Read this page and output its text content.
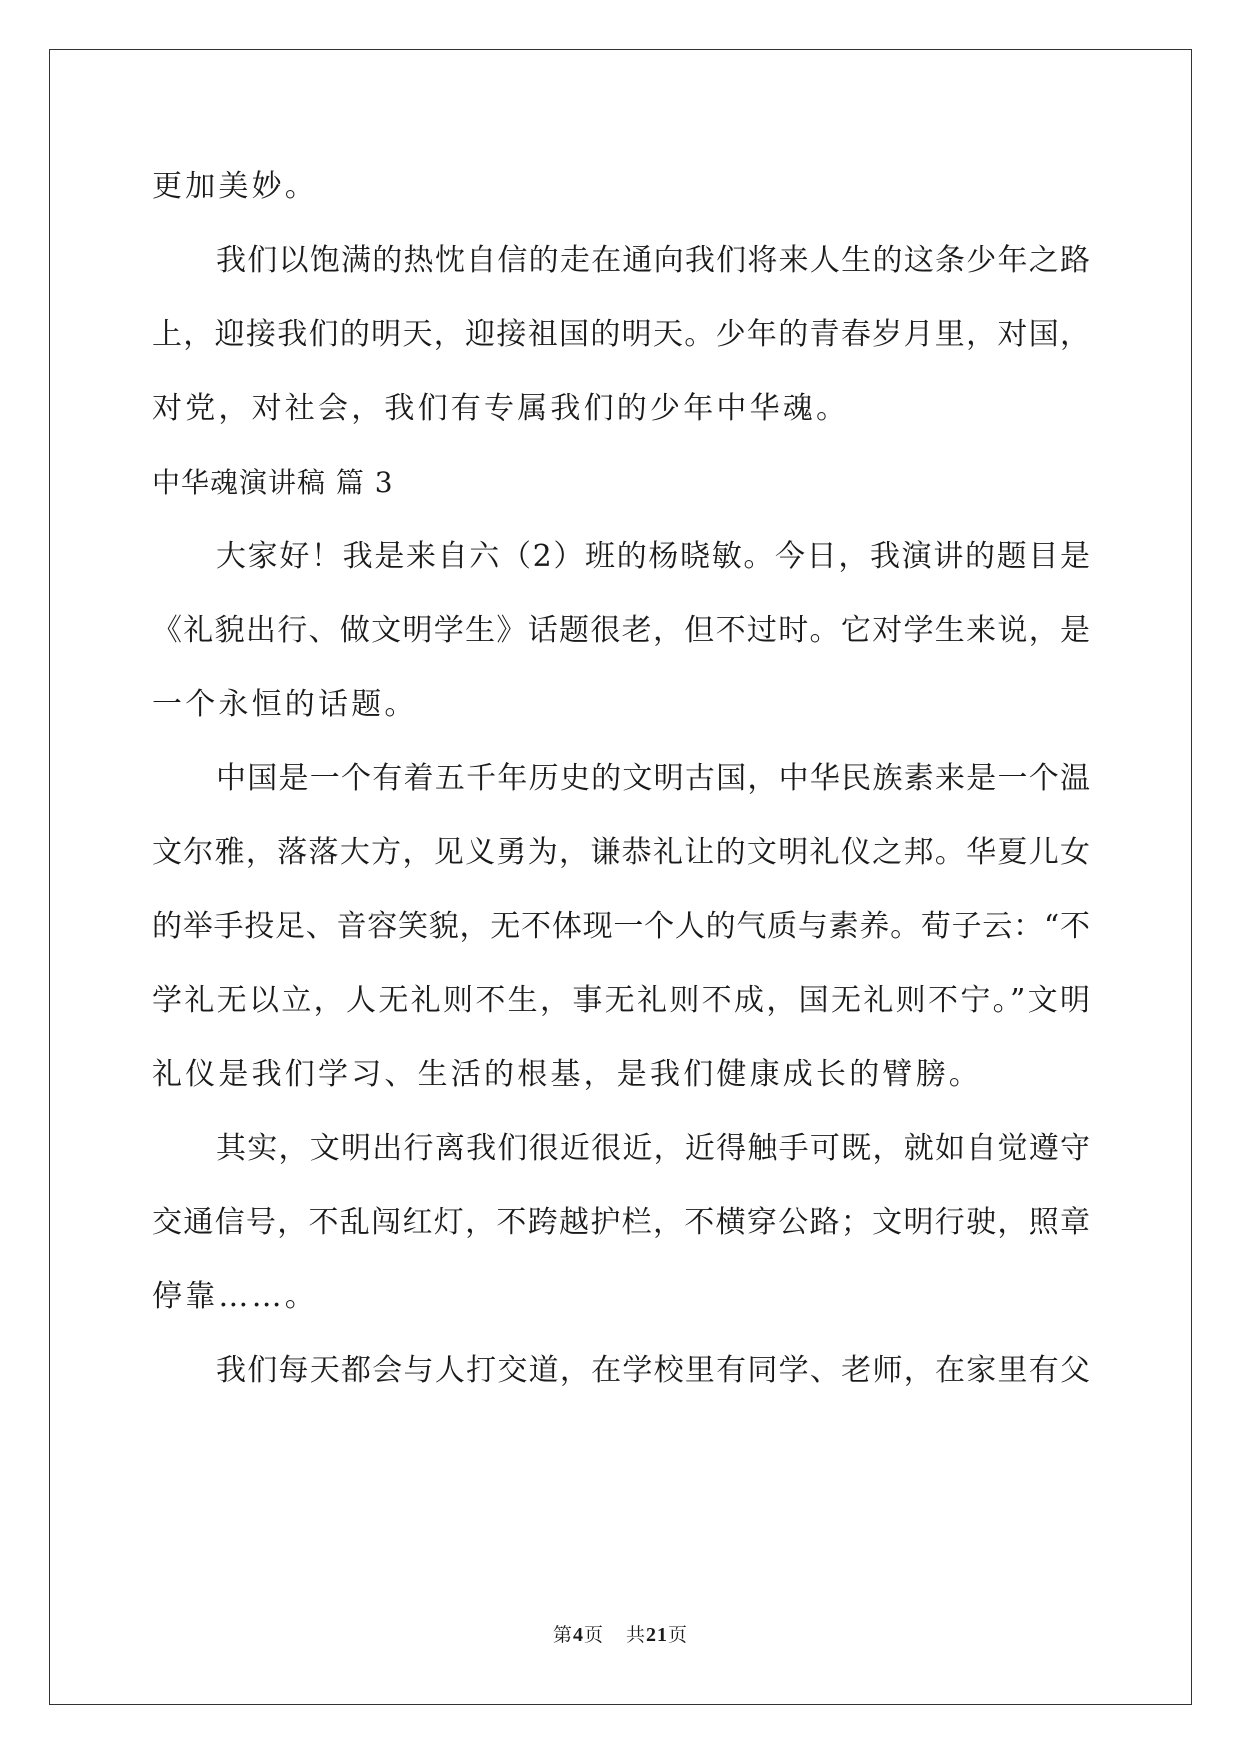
更加美妙。
我们以饱满的热忱自信的走在通向我们将来人生的这条少年之路
上，迎接我们的明天，迎接祖国的明天。少年的青春岁月里，对国，
对党，对社会，我们有专属我们的少年中华魂。
中华魂演讲稿 篇 3
大家好！我是来自六（2）班的杨晓敏。今日，我演讲的题目是
《礼貌出行、做文明学生》话题很老，但不过时。它对学生来说，是
一个永恒的话题。
中国是一个有着五千年历史的文明古国，中华民族素来是一个温
文尔雅，落落大方，见义勇为，谦恭礼让的文明礼仪之邦。华夏儿女
的举手投足、音容笑貌，无不体现一个人的气质与素养。荀子云：“不
学礼无以立，人无礼则不生，事无礼则不成，国无礼则不宁。”文明
礼仪是我们学习、生活的根基，是我们健康成长的臂膀。
其实，文明出行离我们很近很近，近得触手可既，就如自觉遵守
交通信号，不乱闯红灯，不跨越护栏，不横穿公路；文明行驶，照章
停靠……。
我们每天都会与人打交道，在学校里有同学、老师，在家里有父
第4页 共21页
